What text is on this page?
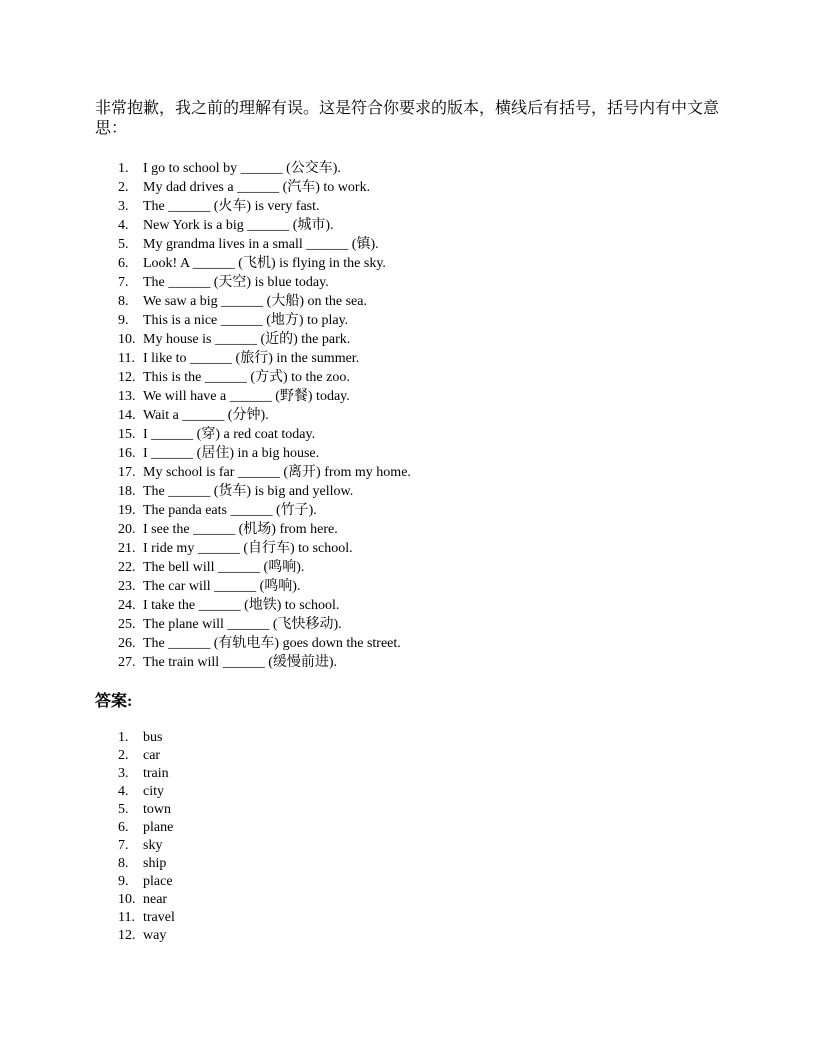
非常抱歉，我之前的理解有误。这是符合你要求的版本，横线后有括号，括号内有中文意思：

1.	I go to school by ______ (公交车).
2.	My dad drives a ______ (汽车) to work.
3.	The ______ (火车) is very fast.
4.	New York is a big ______ (城市).
5.	My grandma lives in a small ______ (镇).
6.	Look! A ______ (飞机) is flying in the sky.
7.	The ______ (天空) is blue today.
8.	We saw a big ______ (大船) on the sea.
9.	This is a nice ______ (地方) to play.
10. My house is ______ (近的) the park.
11. I like to ______ (旅行) in the summer.
12. This is the ______ (方式) to the zoo.
13. We will have a ______ (野餐) today.
14. Wait a ______ (分钟).
15. I ______ (穿) a red coat today.
16. I ______ (居住) in a big house.
17. My school is far ______ (离开) from my home.
18. The ______ (货车) is big and yellow.
19. The panda eats ______ (竹子).
20. I see the ______ (机场) from here.
21. I ride my ______ (自行车) to school.
22. The bell will ______ (鸣响).
23. The car will ______ (鸣响).
24. I take the ______ (地铁) to school.
25. The plane will ______ (飞快移动).
26. The ______ (有轨电车) goes down the street.
27. The train will ______ (缓慢前进).
答案:
1.	bus
2.	car
3.	train
4.	city
5.	town
6.	plane
7.	sky
8.	ship
9.	place
10. near
11. travel
12. way
